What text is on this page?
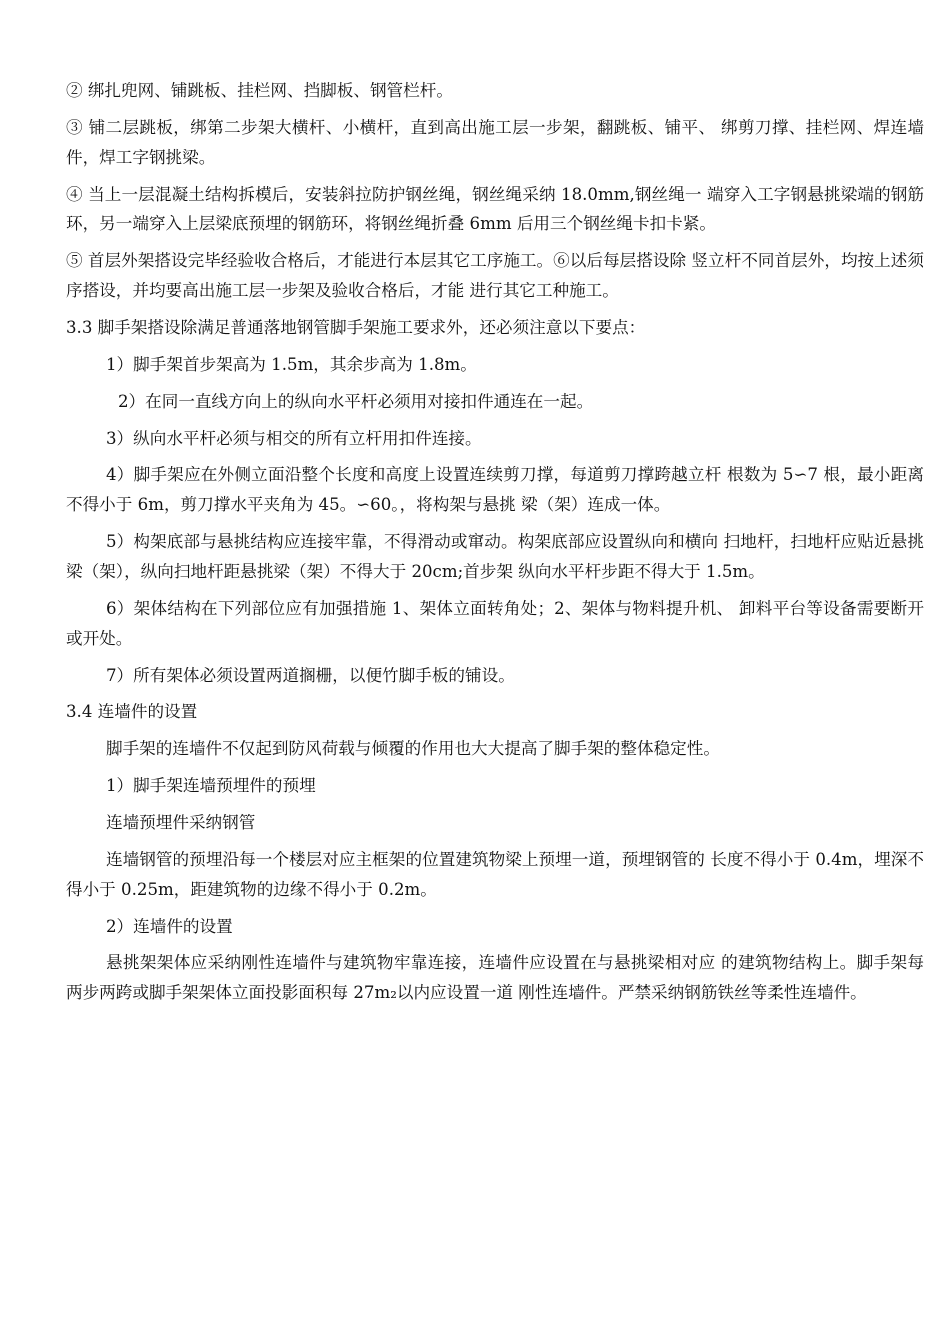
② 绑扎兜网、铺跳板、挂栏网、挡脚板、钢管栏杆。

③ 铺二层跳板，绑第二步架大横杆、小横杆，直到高出施工层一步架，翻跳板、铺平、 绑剪刀撑、挂栏网、焊连墙件，焊工字钢挑梁。

④ 当上一层混凝土结构拆模后，安装斜拉防护钢丝绳，钢丝绳采纳 18.0mm,钢丝绳一 端穿入工字钢悬挑梁端的钢筋环，另一端穿入上层梁底预埋的钢筋环，将钢丝绳折叠 6mm 后用三个钢丝绳卡扣卡紧。

⑤ 首层外架搭设完毕经验收合格后，才能进行本层其它工序施工。⑥以后每层搭设除 竖立杆不同首层外，均按上述须序搭设，并均要高出施工层一步架及验收合格后，才能 进行其它工种施工。

3.3 脚手架搭设除满足普通落地钢管脚手架施工要求外，还必须注意以下要点：

1）脚手架首步架高为 1.5m，其余步高为 1.8m。

2）在同一直线方向上的纵向水平杆必须用对接扣件通连在一起。

3）纵向水平杆必须与相交的所有立杆用扣件连接。

4）脚手架应在外侧立面沿整个长度和高度上设置连续剪刀撑，每道剪刀撑跨越立杆 根数为 5∽7 根，最小距离不得小于 6m，剪刀撑水平夹角为 45。∽60。，将构架与悬挑 梁（架）连成一体。

5）构架底部与悬挑结构应连接牢靠，不得滑动或窜动。构架底部应设置纵向和横向 扫地杆，扫地杆应贴近悬挑梁（架），纵向扫地杆距悬挑梁（架）不得大于 20cm;首步架 纵向水平杆步距不得大于 1.5m。

6）架体结构在下列部位应有加强措施 1、架体立面转角处；2、架体与物料提升机、 卸料平台等设备需要断开或开处。

7）所有架体必须设置两道搁栅，以便竹脚手板的铺设。

3.4 连墙件的设置

脚手架的连墙件不仅起到防风荷载与倾覆的作用也大大提高了脚手架的整体稳定性。

1）脚手架连墙预埋件的预埋

连墙预埋件采纳钢管

连墙钢管的预埋沿每一个楼层对应主框架的位置建筑物梁上预埋一道，预埋钢管的 长度不得小于 0.4m，埋深不得小于 0.25m，距建筑物的边缘不得小于 0.2m。

2）连墙件的设置

悬挑架架体应采纳刚性连墙件与建筑物牢靠连接，连墙件应设置在与悬挑梁相对应 的建筑物结构上。脚手架每两步两跨或脚手架架体立面投影面积每 27m₂以内应设置一道 刚性连墙件。严禁采纳钢筋铁丝等柔性连墙件。
